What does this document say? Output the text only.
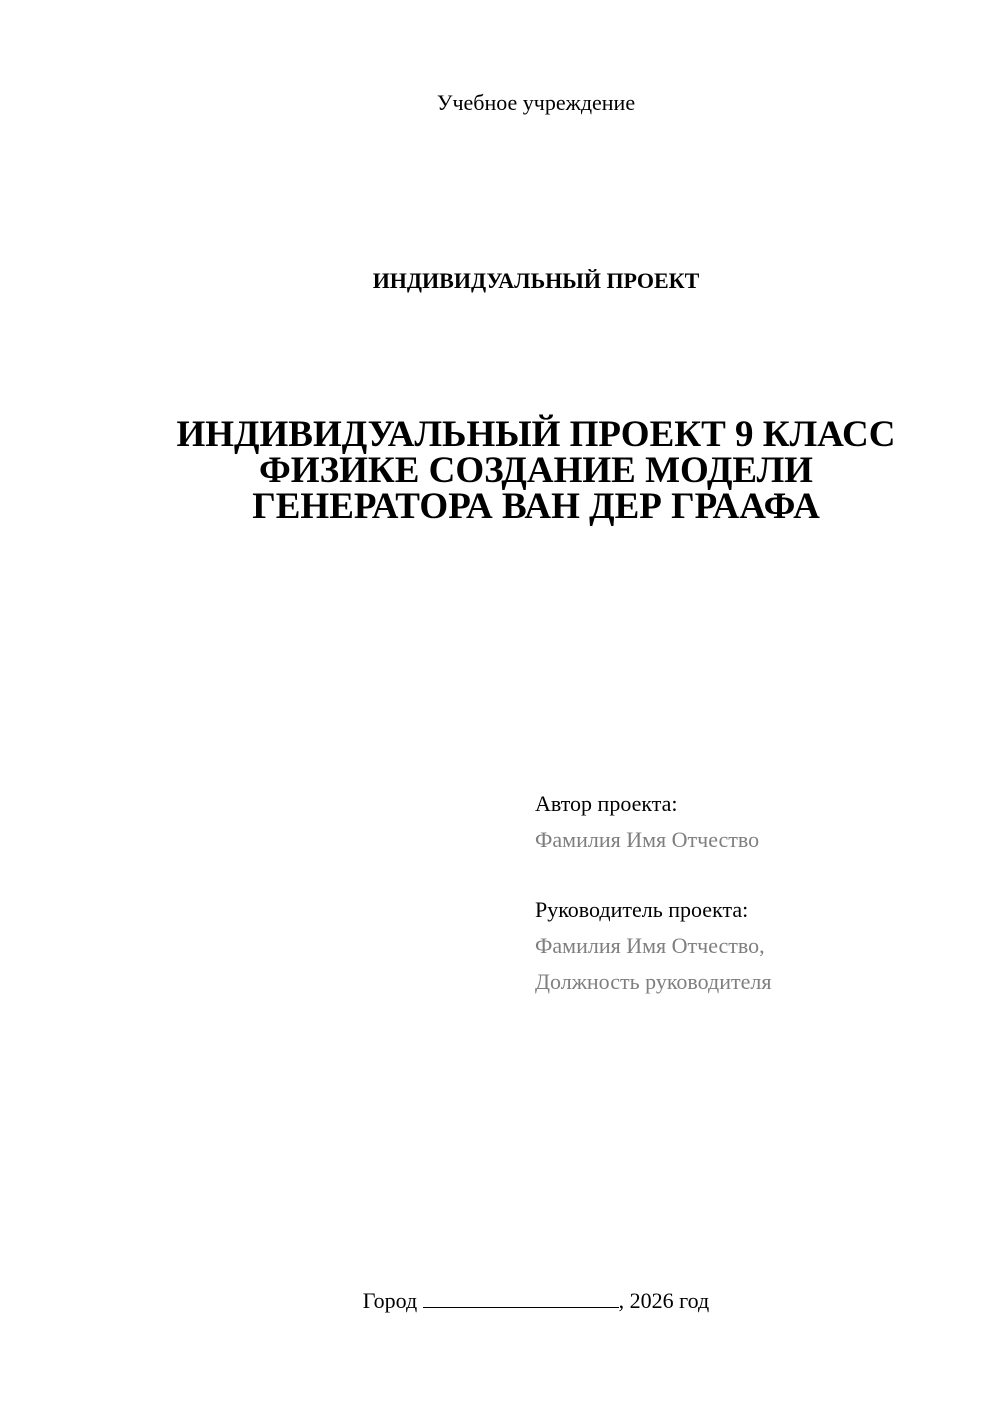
Учебное учреждение
ИНДИВИДУАЛЬНЫЙ ПРОЕКТ
ИНДИВИДУАЛЬНЫЙ ПРОЕКТ 9 КЛАСС
ФИЗИКЕ СОЗДАНИЕ МОДЕЛИ
ГЕНЕРАТОРА ВАН ДЕР ГРААФА
Автор проекта:
Фамилия Имя Отчество
Руководитель проекта:
Фамилия Имя Отчество,
Должность руководителя
Город	, 2026 год
